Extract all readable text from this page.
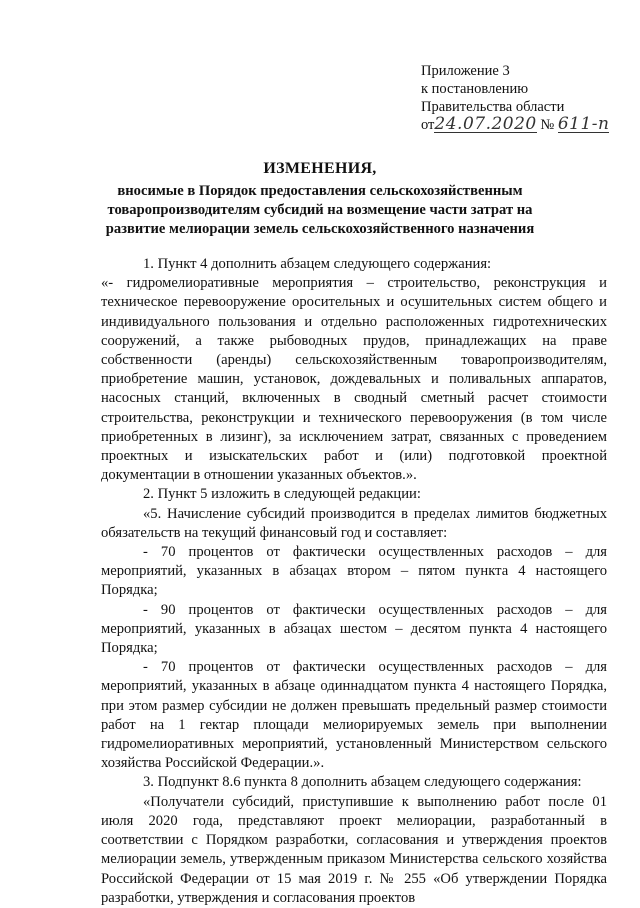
Приложение 3
к постановлению
Правительства области
от24.07.2020 № 611-п
ИЗМЕНЕНИЯ,
вносимые в Порядок предоставления сельскохозяйственным
товаропроизводителям субсидий на возмещение части затрат на
развитие мелиорации земель сельскохозяйственного назначения

1. Пункт 4 дополнить абзацем следующего содержания:

«- гидромелиоративные мероприятия – строительство, реконструкция и техническое перевооружение оросительных и осушительных систем общего и индивидуального пользования и отдельно расположенных гидротехнических сооружений, а также рыбоводных прудов, принадлежащих на праве собственности (аренды) сельскохозяйственным товаропроизводителям, приобретение машин, установок, дождевальных и поливальных аппаратов, насосных станций, включенных в сводный сметный расчет стоимости строительства, реконструкции и технического перевооружения (в том числе приобретенных в лизинг), за исключением затрат, связанных с проведением проектных и изыскательских работ и (или) подготовкой проектной документации в отношении указанных объектов.».

2. Пункт 5 изложить в следующей редакции:

«5. Начисление субсидий производится в пределах лимитов бюджетных обязательств на текущий финансовый год и составляет:

- 70 процентов от фактически осуществленных расходов – для мероприятий, указанных в абзацах втором – пятом пункта 4 настоящего Порядка;

- 90 процентов от фактически осуществленных расходов – для мероприятий, указанных в абзацах шестом – десятом пункта 4 настоящего Порядка;

- 70 процентов от фактически осуществленных расходов – для мероприятий, указанных в абзаце одиннадцатом пункта 4 настоящего Порядка, при этом размер субсидии не должен превышать предельный размер стоимости работ на 1 гектар площади мелиорируемых земель при выполнении гидромелиоративных мероприятий, установленный Министерством сельского хозяйства Российской Федерации.».

3. Подпункт 8.6 пункта 8 дополнить абзацем следующего содержания:

«Получатели субсидий, приступившие к выполнению работ после 01 июля 2020 года, представляют проект мелиорации, разработанный в соответствии с Порядком разработки, согласования и утверждения проектов мелиорации земель, утвержденным приказом Министерства сельского хозяйства Российской Федерации от 15 мая 2019 г. № 255 «Об утверждении Порядка разработки, утверждения и согласования проектов
